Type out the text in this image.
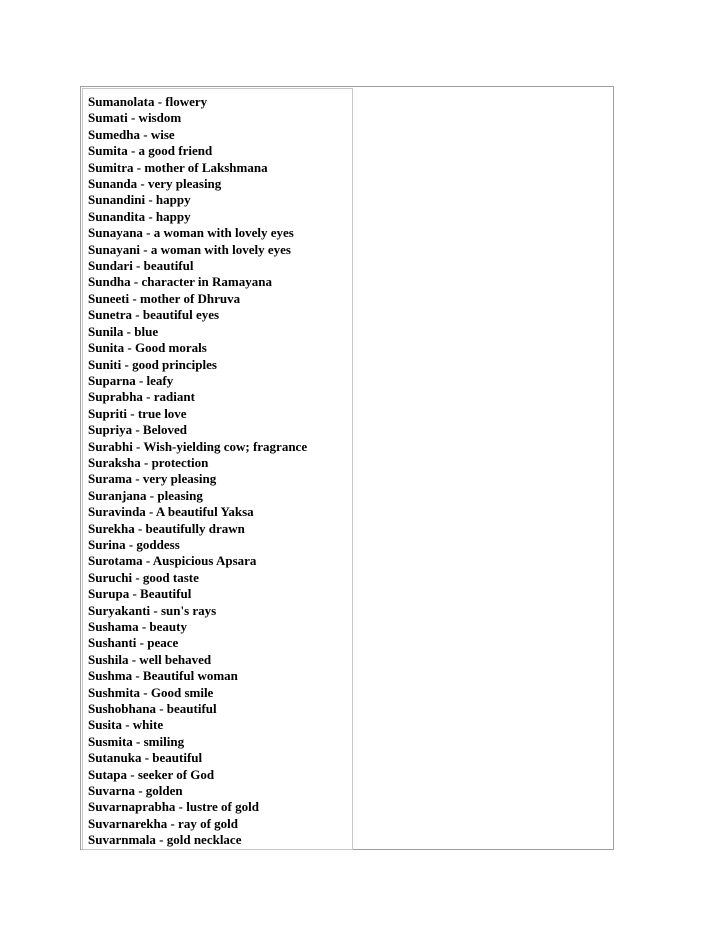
Sumanolata - flowery
Sumati - wisdom
Sumedha - wise
Sumita - a good friend
Sumitra - mother of Lakshmana
Sunanda - very pleasing
Sunandini - happy
Sunandita - happy
Sunayana - a woman with lovely eyes
Sunayani - a woman with lovely eyes
Sundari - beautiful
Sundha - character in Ramayana
Suneeti - mother of Dhruva
Sunetra - beautiful eyes
Sunila - blue
Sunita - Good morals
Suniti - good principles
Suparna - leafy
Suprabha - radiant
Supriti - true love
Supriya - Beloved
Surabhi - Wish-yielding cow; fragrance
Suraksha - protection
Surama - very pleasing
Suranjana - pleasing
Suravinda - A beautiful Yaksa
Surekha - beautifully drawn
Surina - goddess
Surotama - Auspicious Apsara
Suruchi - good taste
Surupa - Beautiful
Suryakanti - sun's rays
Sushama - beauty
Sushanti - peace
Sushila - well behaved
Sushma - Beautiful woman
Sushmita - Good smile
Sushobhana - beautiful
Susita - white
Susmita - smiling
Sutanuka - beautiful
Sutapa - seeker of God
Suvarna - golden
Suvarnaprabha - lustre of gold
Suvarnarekha - ray of gold
Suvarnmala - gold necklace
